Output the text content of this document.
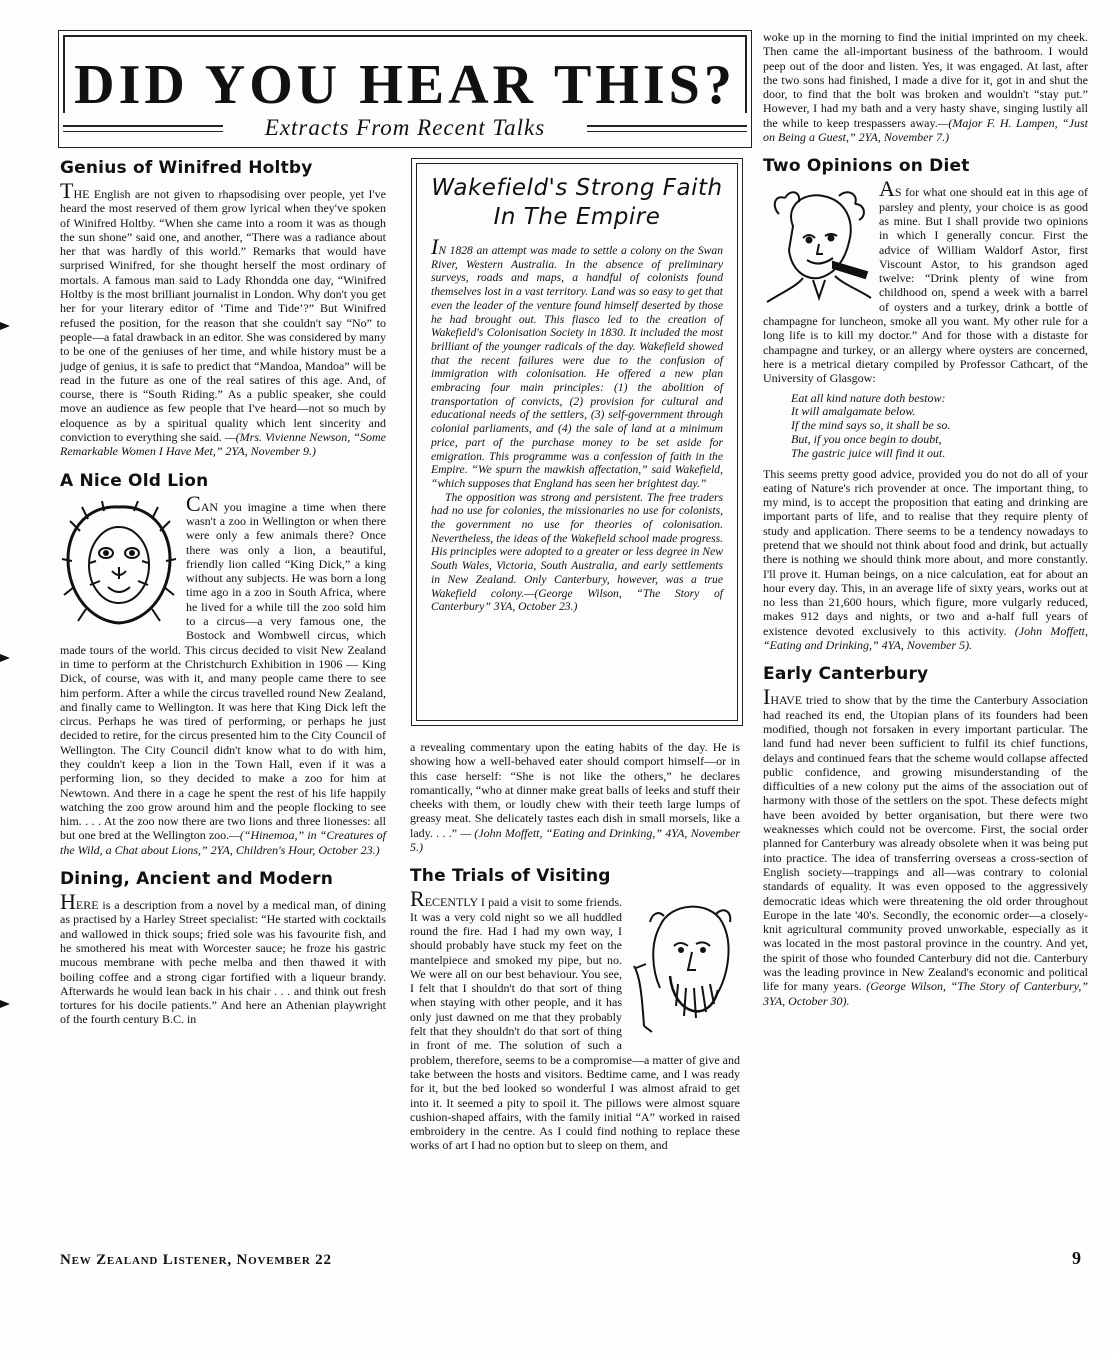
DID YOU HEAR THIS?
Extracts From Recent Talks
Genius of Winifred Holtby

THE English are not given to rhapsodising over people, yet I've heard the most reserved of them grow lyrical when they've spoken of Winifred Holtby. “When she came into a room it was as though the sun shone” said one, and another, “There was a radiance about her that was hardly of this world.” Remarks that would have surprised Winifred, for she thought herself the most ordinary of mortals. A famous man said to Lady Rhondda one day, “Winifred Holtby is the most brilliant journalist in London. Why don't you get her for your literary editor of ‘Time and Tide’?” But Winifred refused the position, for the reason that she couldn't say “No” to people—a fatal drawback in an editor. She was considered by many to be one of the geniuses of her time, and while history must be a judge of genius, it is safe to predict that “Mandoa, Mandoa” will be read in the future as one of the real satires of this age. And, of course, there is “South Riding.” As a public speaker, she could move an audience as few people that I've heard—not so much by eloquence as by a spiritual quality which lent sincerity and conviction to everything she said. —(Mrs. Vivienne Newson, “Some Remarkable Women I Have Met,” 2YA, November 9.)

A Nice Old Lion

CAN you imagine a time when there wasn't a zoo in Wellington or when there were only a few animals there? Once there was only a lion, a beautiful, friendly lion called “King Dick,” a king without any subjects. He was born a long time ago in a zoo in South Africa, where he lived for a while till the zoo sold him to a circus—a very famous one, the Bostock and Wombwell circus, which made tours of the world. This circus decided to visit New Zealand in time to perform at the Christchurch Exhibition in 1906 — King Dick, of course, was with it, and many people came there to see him perform. After a while the circus travelled round New Zealand, and finally came to Wellington. It was here that King Dick left the circus. Perhaps he was tired of performing, or perhaps he just decided to retire, for the circus presented him to the City Council of Wellington. The City Council didn't know what to do with him, they couldn't keep a lion in the Town Hall, even if it was a performing lion, so they decided to make a zoo for him at Newtown. And there in a cage he spent the rest of his life happily watching the zoo grow around him and the people flocking to see him. . . . At the zoo now there are two lions and three lionesses: all but one bred at the Wellington zoo.—(“Hinemoa,” in “Creatures of the Wild, a Chat about Lions,” 2YA, Children's Hour, October 23.)

Dining, Ancient and Modern

HERE is a description from a novel by a medical man, of dining as practised by a Harley Street specialist: “He started with cocktails and wallowed in thick soups; fried sole was his favourite fish, and he smothered his meat with Worcester sauce; he froze his gastric mucous membrane with peche melba and then thawed it with boiling coffee and a strong cigar fortified with a liqueur brandy. Afterwards he would lean back in his chair . . . and think out fresh tortures for his docile patients.” And here an Athenian playwright of the fourth century B.C. in

Wakefield's Strong Faith In The Empire

IN 1828 an attempt was made to settle a colony on the Swan River, Western Australia. In the absence of preliminary surveys, roads and maps, a handful of colonists found themselves lost in a vast territory. Land was so easy to get that even the leader of the venture found himself deserted by those he had brought out. This fiasco led to the creation of Wakefield's Colonisation Society in 1830. It included the most brilliant of the younger radicals of the day. Wakefield showed that the recent failures were due to the confusion of immigration with colonisation. He offered a new plan embracing four main principles: (1) the abolition of transportation of convicts, (2) provision for cultural and educational needs of the settlers, (3) self-government through colonial parliaments, and (4) the sale of land at a minimum price, part of the purchase money to be set aside for emigration. This programme was a confession of faith in the Empire. “We spurn the mawkish affectation,” said Wakefield, “which supposes that England has seen her brightest day.”

The opposition was strong and persistent. The free traders had no use for colonies, the missionaries no use for colonists, the government no use for theories of colonisation. Nevertheless, the ideas of the Wakefield school made progress. His principles were adopted to a greater or less degree in New South Wales, Victoria, South Australia, and early settlements in New Zealand. Only Canterbury, however, was a true Wakefield colony.—(George Wilson, “The Story of Canterbury” 3YA, October 23.)

a revealing commentary upon the eating habits of the day. He is showing how a well-behaved eater should comport himself—or in this case herself: “She is not like the others,” he declares romantically, “who at dinner make great balls of leeks and stuff their cheeks with them, or loudly chew with their teeth large lumps of greasy meat. She delicately tastes each dish in small morsels, like a lady. . . .” — (John Moffett, “Eating and Drinking,” 4YA, November 5.)

The Trials of Visiting

RECENTLY I paid a visit to some friends. It was a very cold night so we all huddled round the fire. Had I had my own way, I should probably have stuck my feet on the mantelpiece and smoked my pipe, but no. We were all on our best behaviour. You see, I felt that I shouldn't do that sort of thing when staying with other people, and it has only just dawned on me that they probably felt that they shouldn't do that sort of thing in front of me. The solution of such a problem, therefore, seems to be a compromise—a matter of give and take between the hosts and visitors. Bedtime came, and I was ready for it, but the bed looked so wonderful I was almost afraid to get into it. It seemed a pity to spoil it. The pillows were almost square cushion-shaped affairs, with the family initial “A” worked in raised embroidery in the centre. As I could find nothing to replace these works of art I had no option but to sleep on them, and

woke up in the morning to find the initial imprinted on my cheek. Then came the all-important business of the bathroom. I would peep out of the door and listen. Yes, it was engaged. At last, after the two sons had finished, I made a dive for it, got in and shut the door, to find that the bolt was broken and wouldn't “stay put.” However, I had my bath and a very hasty shave, singing lustily all the while to keep trespassers away.—(Major F. H. Lampen, “Just on Being a Guest,” 2YA, November 7.)

Two Opinions on Diet

AS for what one should eat in this age of parsley and plenty, your choice is as good as mine. But I shall provide two opinions in which I generally concur. First the advice of William Waldorf Astor, first Viscount Astor, to his grandson aged twelve: “Drink plenty of wine from childhood on, spend a week with a barrel of oysters and a turkey, drink a bottle of champagne for luncheon, smoke all you want. My other rule for a long life is to kill my doctor.” And for those with a distaste for champagne and turkey, or an allergy where oysters are concerned, here is a metrical dietary compiled by Professor Cathcart, of the University of Glasgow:

Eat all kind nature doth bestow:
It will amalgamate below.
If the mind says so, it shall be so.
But, if you once begin to doubt,
The gastric juice will find it out.

This seems pretty good advice, provided you do not do all of your eating of Nature's rich provender at once. The important thing, to my mind, is to accept the proposition that eating and drinking are important parts of life, and to realise that they require plenty of study and application. There seems to be a tendency nowadays to pretend that we should not think about food and drink, but actually there is nothing we should think more about, and more constantly. I'll prove it. Human beings, on a nice calculation, eat for about an hour every day. This, in an average life of sixty years, works out at no less than 21,600 hours, which figure, more vulgarly reduced, makes 912 days and nights, or two and a-half full years of existence devoted exclusively to this activity. (John Moffett, “Eating and Drinking,” 4YA, November 5).

Early Canterbury

IHAVE tried to show that by the time the Canterbury Association had reached its end, the Utopian plans of its founders had been modified, though not forsaken in every important particular. The land fund had never been sufficient to fulfil its chief functions, delays and continued fears that the scheme would collapse affected public confidence, and growing misunderstanding of the difficulties of a new colony put the aims of the association out of harmony with those of the settlers on the spot. These defects might have been avoided by better organisation, but there were two weaknesses which could not be overcome. First, the social order planned for Canterbury was already obsolete when it was being put into practice. The idea of transferring overseas a cross-section of English society—trappings and all—was contrary to colonial standards of equality. It was even opposed to the aggressively democratic ideas which were threatening the old order throughout Europe in the late '40's. Secondly, the economic order—a closely-knit agricultural community proved unworkable, especially as it was located in the most pastoral province in the country. And yet, the spirit of those who founded Canterbury did not die. Canterbury was the leading province in New Zealand's economic and political life for many years. (George Wilson, “The Story of Canterbury,” 3YA, October 30).

New Zealand Listener, November 22	9
